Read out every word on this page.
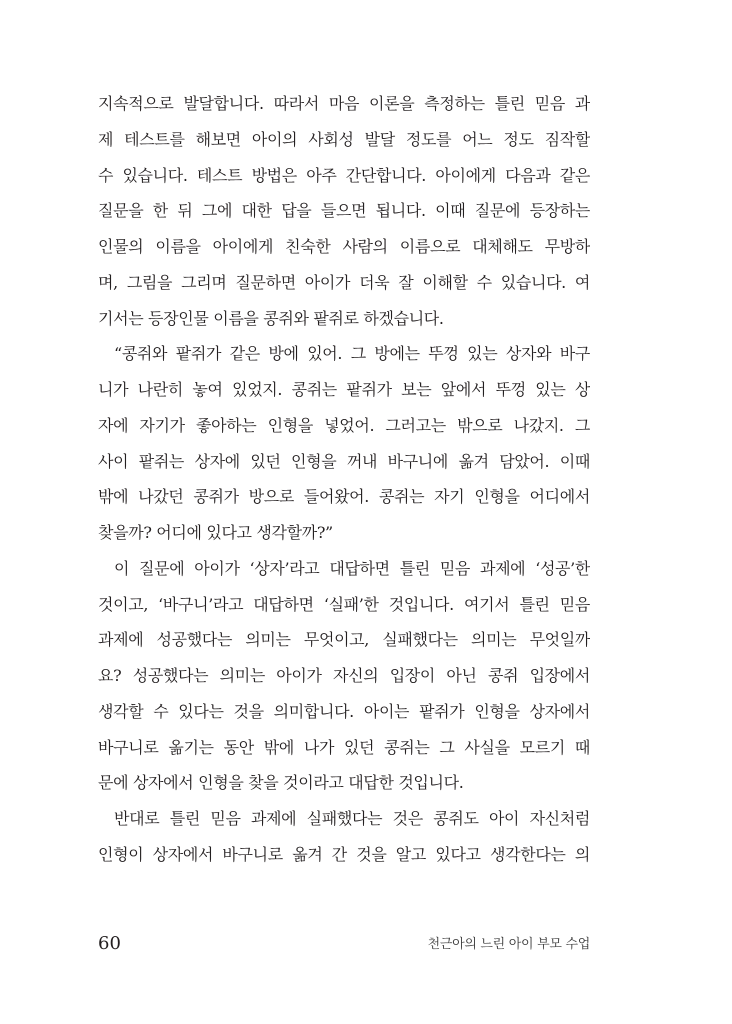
지속적으로 발달합니다. 따라서 마음 이론을 측정하는 틀린 믿음 과
제 테스트를 해보면 아이의 사회성 발달 정도를 어느 정도 짐작할
수 있습니다. 테스트 방법은 아주 간단합니다. 아이에게 다음과 같은
질문을 한 뒤 그에 대한 답을 들으면 됩니다. 이때 질문에 등장하는
인물의 이름을 아이에게 친숙한 사람의 이름으로 대체해도 무방하
며, 그림을 그리며 질문하면 아이가 더욱 잘 이해할 수 있습니다. 여
기서는 등장인물 이름을 콩쥐와 팥쥐로 하겠습니다.
“콩쥐와 팥쥐가 같은 방에 있어. 그 방에는 뚜껑 있는 상자와 바구
니가 나란히 놓여 있었지. 콩쥐는 팥쥐가 보는 앞에서 뚜껑 있는 상
자에 자기가 좋아하는 인형을 넣었어. 그러고는 밖으로 나갔지. 그
사이 팥쥐는 상자에 있던 인형을 꺼내 바구니에 옮겨 담았어. 이때
밖에 나갔던 콩쥐가 방으로 들어왔어. 콩쥐는 자기 인형을 어디에서
찾을까? 어디에 있다고 생각할까?”
이 질문에 아이가 ‘상자’라고 대답하면 틀린 믿음 과제에 ‘성공’한
것이고, ‘바구니’라고 대답하면 ‘실패’한 것입니다. 여기서 틀린 믿음
과제에 성공했다는 의미는 무엇이고, 실패했다는 의미는 무엇일까
요? 성공했다는 의미는 아이가 자신의 입장이 아닌 콩쥐 입장에서
생각할 수 있다는 것을 의미합니다. 아이는 팥쥐가 인형을 상자에서
바구니로 옮기는 동안 밖에 나가 있던 콩쥐는 그 사실을 모르기 때
문에 상자에서 인형을 찾을 것이라고 대답한 것입니다.
반대로 틀린 믿음 과제에 실패했다는 것은 콩쥐도 아이 자신처럼
인형이 상자에서 바구니로 옮겨 간 것을 알고 있다고 생각한다는 의
60	천근아의 느린 아이 부모 수업
